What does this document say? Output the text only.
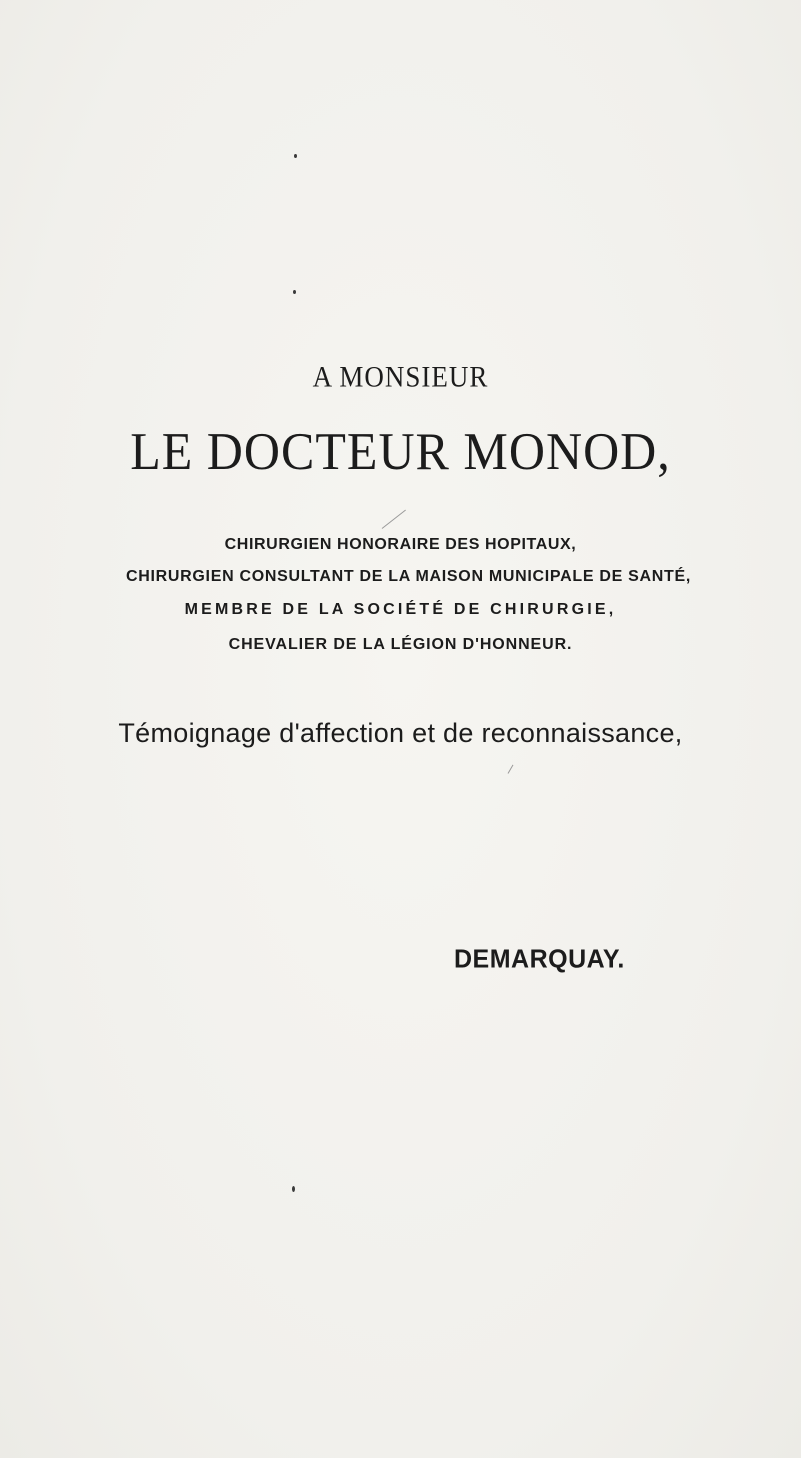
A MONSIEUR
LE DOCTEUR MONOD,
CHIRURGIEN HONORAIRE DES HOPITAUX,
CHIRURGIEN CONSULTANT DE LA MAISON MUNICIPALE DE SANTÉ,
MEMBRE DE LA SOCIÉTÉ DE CHIRURGIE,
CHEVALIER DE LA LÉGION D'HONNEUR.
Témoignage d'affection et de reconnaissance,
DEMARQUAY.
